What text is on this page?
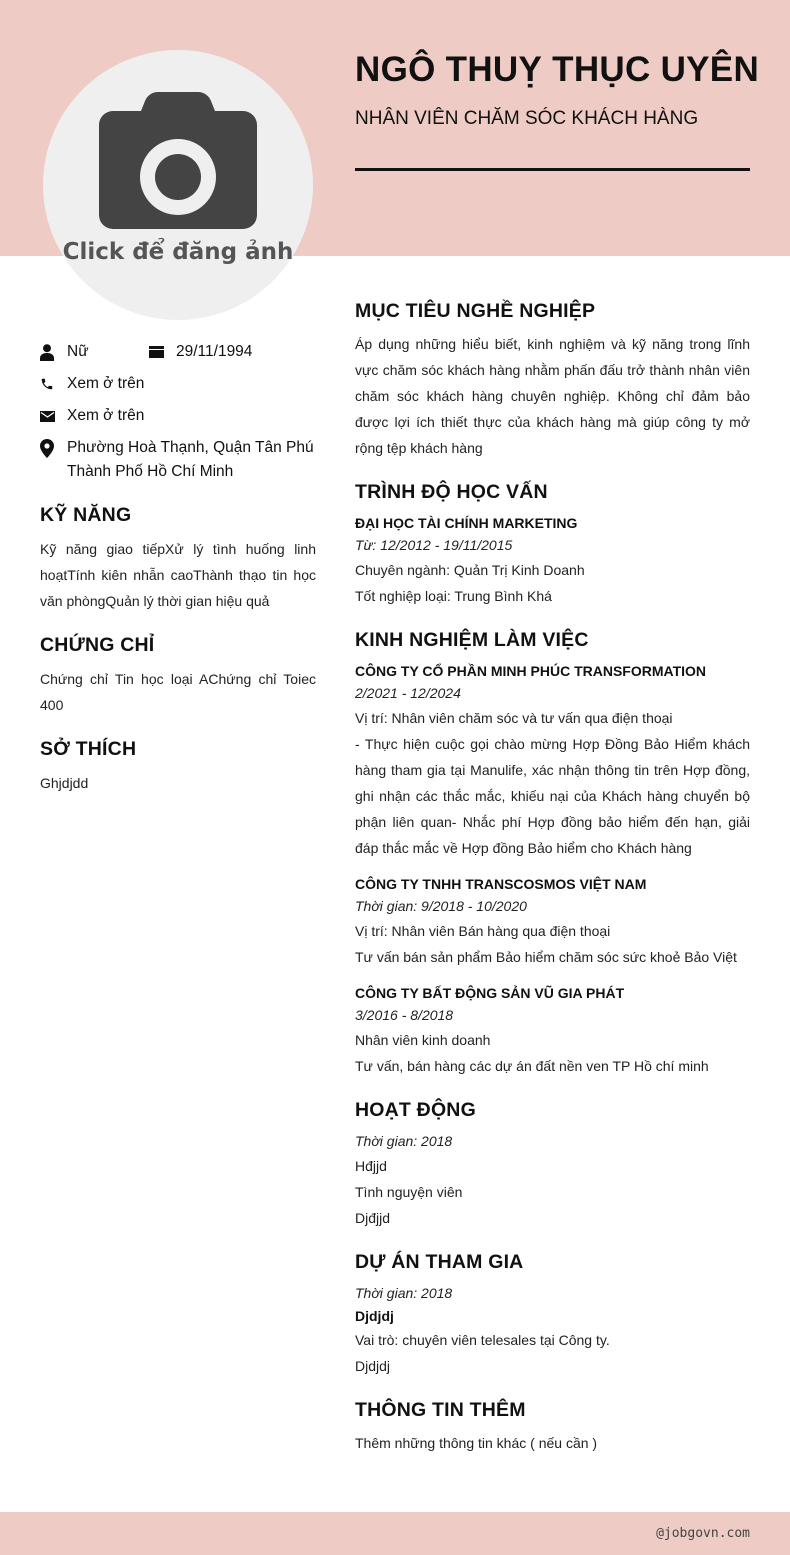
Click để đăng ảnh
NGÔ THUỴ THỤC UYÊN
NHÂN VIÊN CHĂM SÓC KHÁCH HÀNG
Nữ	29/11/1994
Xem ở trên
Xem ở trên
Phường Hoà Thạnh, Quận Tân Phú Thành Phố Hồ Chí Minh
KỸ NĂNG
Kỹ năng giao tiếpXử lý tình huống linh hoạtTính kiên nhẫn caoThành thạo tin học văn phòngQuản lý thời gian hiệu quả
CHỨNG CHỈ
Chứng chỉ Tin học loại AChứng chỉ Toiec 400
SỞ THÍCH
Ghjdjdd
MỤC TIÊU NGHỀ NGHIỆP
Áp dụng những hiểu biết, kinh nghiệm và kỹ năng trong lĩnh vực chăm sóc khách hàng nhằm phấn đấu trở thành nhân viên chăm sóc khách hàng chuyên nghiệp. Không chỉ đảm bảo được lợi ích thiết thực của khách hàng mà giúp công ty mở rộng tệp khách hàng
TRÌNH ĐỘ HỌC VẤN
ĐẠI HỌC TÀI CHÍNH MARKETING
Từ: 12/2012 - 19/11/2015
Chuyên ngành: Quản Trị Kinh Doanh
Tốt nghiệp loại: Trung Bình Khá
KINH NGHIỆM LÀM VIỆC
CÔNG TY CỔ PHẦN MINH PHÚC TRANSFORMATION
2/2021 - 12/2024
Vị trí: Nhân viên chăm sóc và tư vấn qua điện thoại
- Thực hiện cuộc gọi chào mừng Hợp Đồng Bảo Hiểm khách hàng tham gia tại Manulife, xác nhận thông tin trên Hợp đồng, ghi nhận các thắc mắc, khiếu nại của Khách hàng chuyển bộ phận liên quan- Nhắc phí Hợp đồng bảo hiểm đến hạn, giải đáp thắc mắc về Hợp đồng Bảo hiểm cho Khách hàng
CÔNG TY TNHH TRANSCOSMOS VIỆT NAM
Thời gian: 9/2018 - 10/2020
Vị trí: Nhân viên Bán hàng qua điện thoại
Tư vấn bán sản phẩm Bảo hiểm chăm sóc sức khoẻ Bảo Việt
CÔNG TY BẤT ĐỘNG SẢN VŨ GIA PHÁT
3/2016 - 8/2018
Nhân viên kinh doanh
Tư vấn, bán hàng các dự án đất nền ven TP Hồ chí minh
HOẠT ĐỘNG
Thời gian: 2018
Hđjjd
Tình nguyện viên
Djđjjd
DỰ ÁN THAM GIA
Thời gian: 2018
Djdjdj
Vai trò: chuyên viên telesales tại Công ty.
Djdjdj
THÔNG TIN THÊM
Thêm những thông tin khác ( nếu cần )
@jobgovn.com
